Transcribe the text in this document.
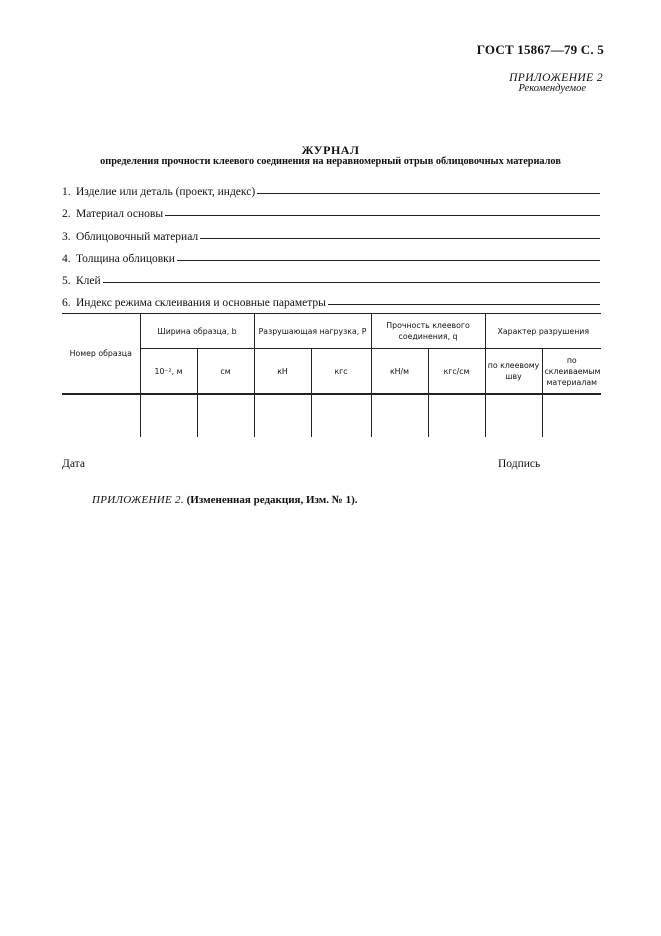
ГОСТ 15867—79 С. 5
ПРИЛОЖЕНИЕ 2
Рекомендуемое
ЖУРНАЛ
определения прочности клеевого соединения на неравномерный отрыв облицовочных материалов
1. Изделие или деталь (проект, индекс)
2. Материал основы
3. Облицовочный материал
4. Толщина облицовки
5. Клей
6. Индекс режима склеивания и основные параметры
Номер образца	Ширина образца, b		Разрушающая нагрузка, P		Прочность клеевого соединения, q		Характер разрушения	
	10⁻², м	см	кН	кгс	кН/м	кгс/см	по клеевому шву	по склеиваемым материалам

Дата	Подпись
ПРИЛОЖЕНИЕ 2. (Измененная редакция, Изм. № 1).
